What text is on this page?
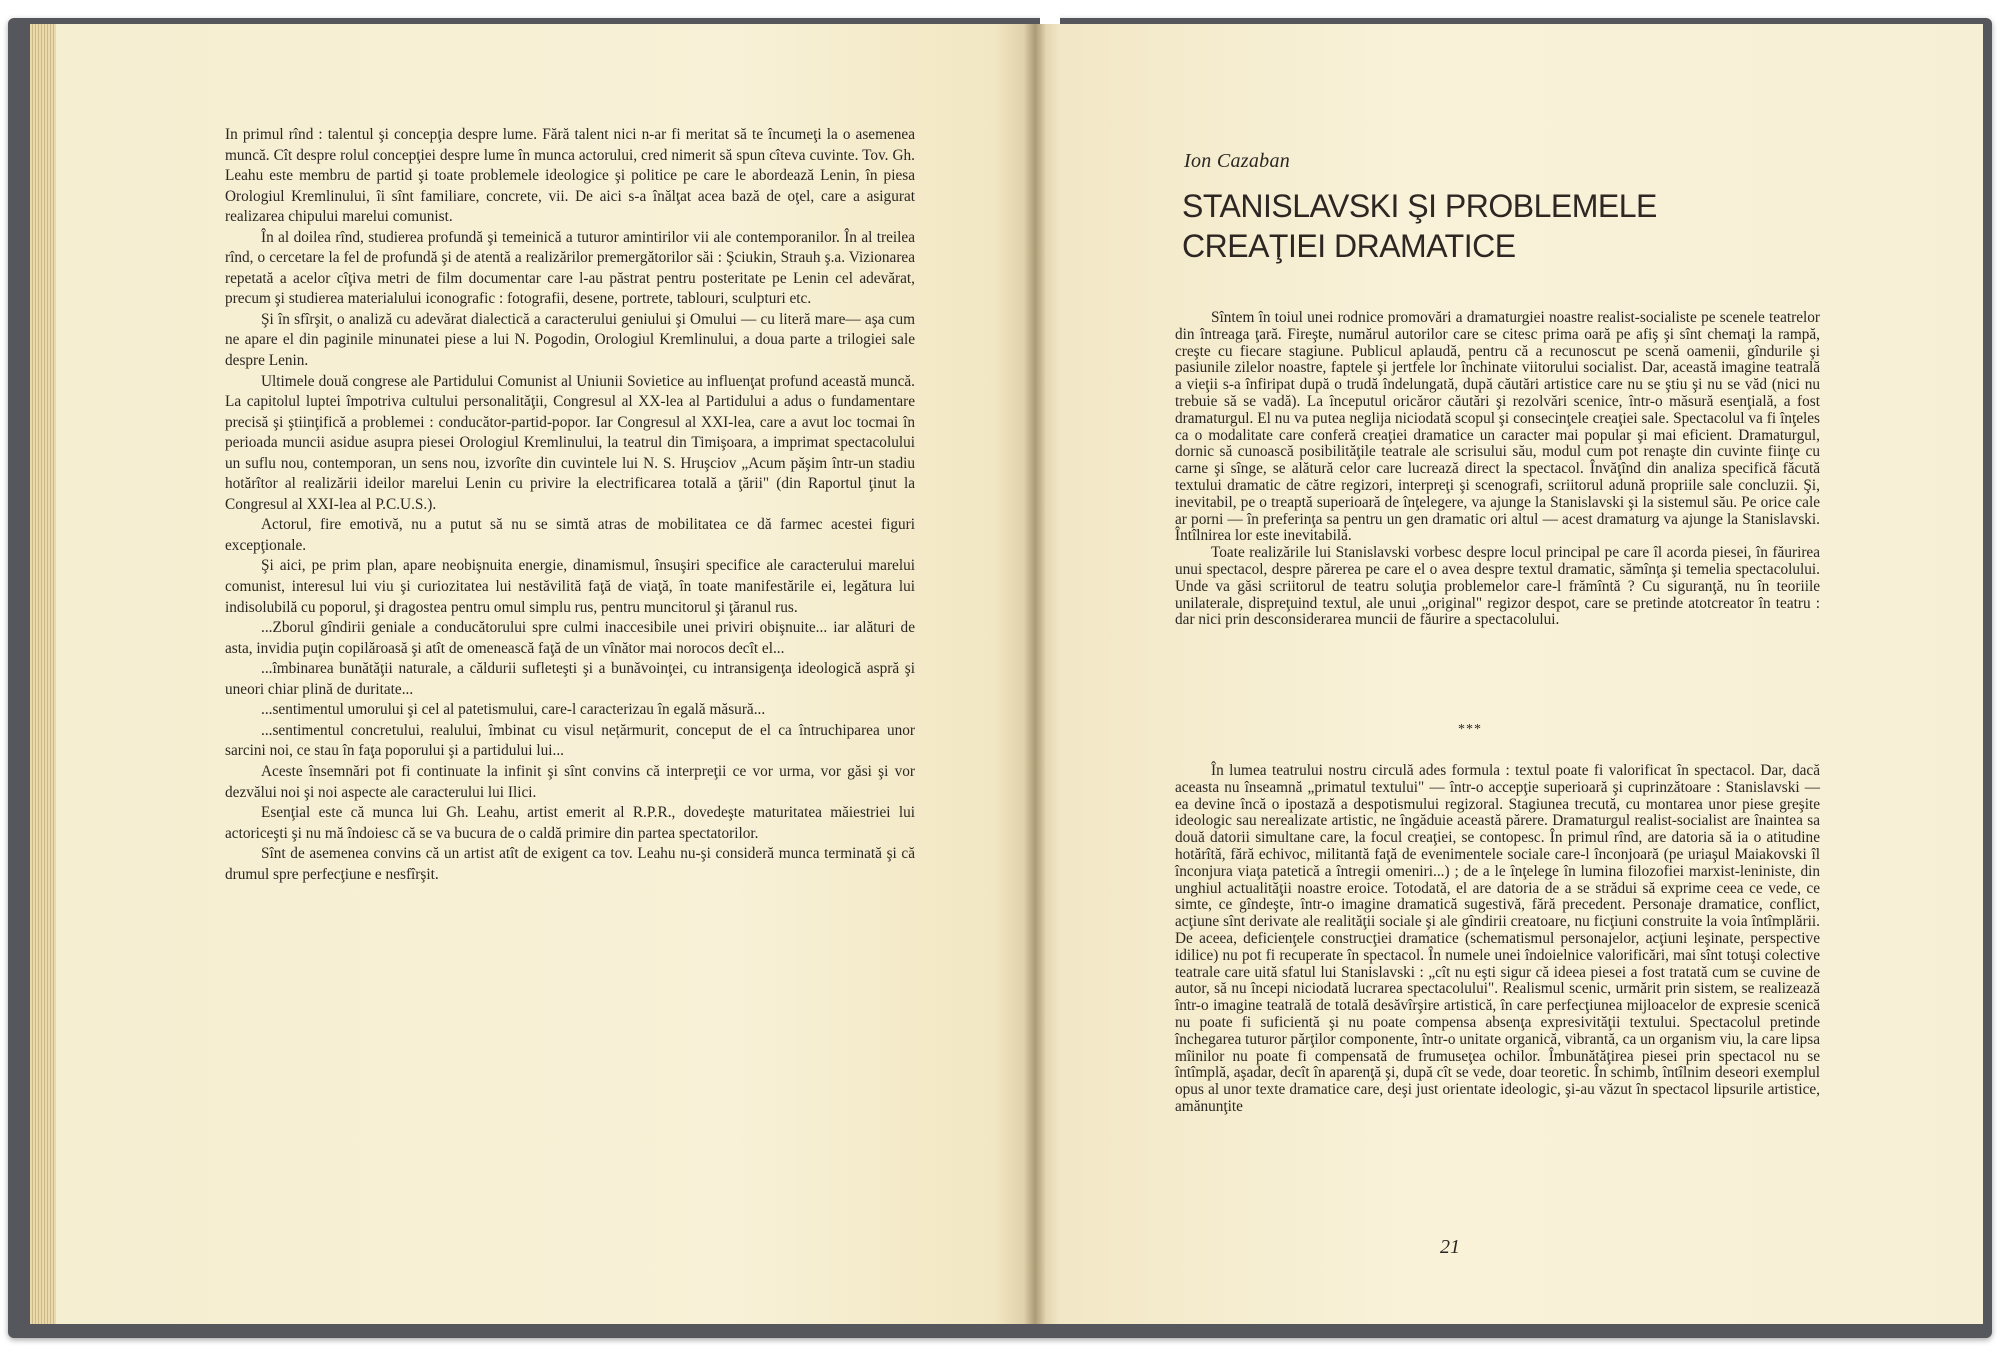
In primul rînd : talentul şi concepţia despre lume. Fără talent nici n-ar fi meritat să te încumeţi la o asemenea muncă. Cît despre rolul concepţiei despre lume în munca actorului, cred nimerit să spun cîteva cuvinte. Tov. Gh. Leahu este membru de partid şi toate problemele ideologice şi politice pe care le abordează Lenin, în piesa Orologiul Kremlinului, îi sînt familiare, concrete, vii. De aici s-a înălţat acea bază de oţel, care a asigurat realizarea chipului marelui comunist.

În al doilea rînd, studierea profundă şi temeinică a tuturor amintirilor vii ale contemporanilor. În al treilea rînd, o cercetare la fel de profundă şi de atentă a realizărilor premergătorilor săi : Şciukin, Strauh ş.a. Vizionarea repetată a acelor cîţiva metri de film documentar care l-au păstrat pentru posteritate pe Lenin cel adevărat, precum şi studierea materialului iconografic : fotografii, desene, portrete, tablouri, sculpturi etc.

Şi în sfîrşit, o analiză cu adevărat dialectică a caracterului geniului şi Omului — cu literă mare— aşa cum ne apare el din paginile minunatei piese a lui N. Pogodin, Orologiul Kremlinului, a doua parte a trilogiei sale despre Lenin.

Ultimele două congrese ale Partidului Comunist al Uniunii Sovietice au influenţat profund această muncă. La capitolul luptei împotriva cultului personalităţii, Congresul al XX-lea al Partidului a adus o fundamentare precisă şi ştiinţifică a problemei : conducător-partid-popor. Iar Congresul al XXI-lea, care a avut loc tocmai în perioada muncii asidue asupra piesei Orologiul Kremlinului, la teatrul din Timişoara, a imprimat spectacolului un suflu nou, contemporan, un sens nou, izvorîte din cuvintele lui N. S. Hruşciov „Acum păşim într-un stadiu hotărîtor al realizării ideilor marelui Lenin cu privire la electrificarea totală a ţării" (din Raportul ţinut la Congresul al XXI-lea al P.C.U.S.).

Actorul, fire emotivă, nu a putut să nu se simtă atras de mobilitatea ce dă farmec acestei figuri excepţionale.

Şi aici, pe prim plan, apare neobişnuita energie, dinamismul, însuşiri specifice ale caracterului marelui comunist, interesul lui viu şi curiozitatea lui nestăvilită faţă de viaţă, în toate manifestările ei, legătura lui indisolubilă cu poporul, şi dragostea pentru omul simplu rus, pentru muncitorul şi ţăranul rus.

...Zborul gîndirii geniale a conducătorului spre culmi inaccesibile unei priviri obişnuite... iar alături de asta, invidia puţin copilăroasă şi atît de omenească faţă de un vînător mai norocos decît el...

...îmbinarea bunătăţii naturale, a căldurii sufleteşti şi a bunăvoinţei, cu intransigenţa ideologică aspră şi uneori chiar plină de duritate...

...sentimentul umorului şi cel al patetismului, care-l caracterizau în egală măsură...

...sentimentul concretului, realului, îmbinat cu visul nețărmurit, conceput de el ca întruchiparea unor sarcini noi, ce stau în faţa poporului şi a partidului lui...

Aceste însemnări pot fi continuate la infinit şi sînt convins că interpreţii ce vor urma, vor găsi şi vor dezvălui noi şi noi aspecte ale caracterului lui Ilici.

Esenţial este că munca lui Gh. Leahu, artist emerit al R.P.R., dovedeşte maturitatea măiestriei lui actoriceşti şi nu mă îndoiesc că se va bucura de o caldă primire din partea spectatorilor.

Sînt de asemenea convins că un artist atît de exigent ca tov. Leahu nu-şi consideră munca terminată şi că drumul spre perfecţiune e nesfîrşit.

Ion Cazaban
STANISLAVSKI ŞI PROBLEMELE
CREAŢIEI DRAMATICE

Sîntem în toiul unei rodnice promovări a dramaturgiei noastre realist-socialiste pe scenele teatrelor din întreaga ţară. Fireşte, numărul autorilor care se citesc prima oară pe afiş şi sînt chemaţi la rampă, creşte cu fiecare stagiune. Publicul aplaudă, pentru că a recunoscut pe scenă oamenii, gîndurile şi pasiunile zilelor noastre, faptele şi jertfele lor închinate viitorului socialist. Dar, această imagine teatrală a vieţii s-a înfiripat după o trudă îndelungată, după căutări artistice care nu se ştiu şi nu se văd (nici nu trebuie să se vadă). La începutul oricăror căutări şi rezolvări scenice, într-o măsură esenţială, a fost dramaturgul. El nu va putea neglija niciodată scopul şi consecinţele creaţiei sale. Spectacolul va fi înţeles ca o modalitate care conferă creaţiei dramatice un caracter mai popular şi mai eficient. Dramaturgul, dornic să cunoască posibilităţile teatrale ale scrisului său, modul cum pot renaşte din cuvinte fiinţe cu carne şi sînge, se alătură celor care lucrează direct la spectacol. Învăţînd din analiza specifică făcută textului dramatic de către regizori, interpreţi şi scenografi, scriitorul adună propriile sale concluzii. Şi, inevitabil, pe o treaptă superioară de înţelegere, va ajunge la Stanislavski şi la sistemul său. Pe orice cale ar porni — în preferinţa sa pentru un gen dramatic ori altul — acest dramaturg va ajunge la Stanislavski. Întîlnirea lor este inevitabilă.

Toate realizările lui Stanislavski vorbesc despre locul principal pe care îl acorda piesei, în făurirea unui spectacol, despre părerea pe care el o avea despre textul dramatic, sămînţa şi temelia spectacolului. Unde va găsi scriitorul de teatru soluţia problemelor care-l frămîntă ? Cu siguranţă, nu în teoriile unilaterale, dispreţuind textul, ale unui „original" regizor despot, care se pretinde atotcreator în teatru : dar nici prin desconsiderarea muncii de făurire a spectacolului.

***

În lumea teatrului nostru circulă ades formula : textul poate fi valorificat în spectacol. Dar, dacă aceasta nu înseamnă „primatul textului" — într-o accepţie superioară şi cuprinzătoare : Stanislavski — ea devine încă o ipostază a despotismului regizoral. Stagiunea trecută, cu montarea unor piese greşite ideologic sau nerealizate artistic, ne îngăduie această părere. Dramaturgul realist-socialist are înaintea sa două datorii simultane care, la focul creaţiei, se contopesc. În primul rînd, are datoria să ia o atitudine hotărîtă, fără echivoc, militantă faţă de evenimentele sociale care-l înconjoară (pe uriaşul Maiakovski îl înconjura viaţa patetică a întregii omeniri...) ; de a le înţelege în lumina filozofiei marxist-leniniste, din unghiul actualităţii noastre eroice. Totodată, el are datoria de a se strădui să exprime ceea ce vede, ce simte, ce gîndeşte, într-o imagine dramatică sugestivă, fără precedent. Personaje dramatice, conflict, acţiune sînt derivate ale realităţii sociale şi ale gîndirii creatoare, nu ficţiuni construite la voia întîmplării. De aceea, deficienţele construcţiei dramatice (schematismul personajelor, acţiuni leşinate, perspective idilice) nu pot fi recuperate în spectacol. În numele unei îndoielnice valorificări, mai sînt totuşi colective teatrale care uită sfatul lui Stanislavski : „cît nu eşti sigur că ideea piesei a fost tratată cum se cuvine de autor, să nu începi niciodată lucrarea spectacolului". Realismul scenic, urmărit prin sistem, se realizează într-o imagine teatrală de totală desăvîrşire artistică, în care perfecţiunea mijloacelor de expresie scenică nu poate fi suficientă şi nu poate compensa absenţa expresivităţii textului. Spectacolul pretinde închegarea tuturor părţilor componente, într-o unitate organică, vibrantă, ca un organism viu, la care lipsa mîinilor nu poate fi compensată de frumuseţea ochilor. Îmbunătăţirea piesei prin spectacol nu se întîmplă, aşadar, decît în aparenţă şi, după cît se vede, doar teoretic. În schimb, întîlnim deseori exemplul opus al unor texte dramatice care, deşi just orientate ideologic, şi-au văzut în spectacol lipsurile artistice, amănunţite

21
